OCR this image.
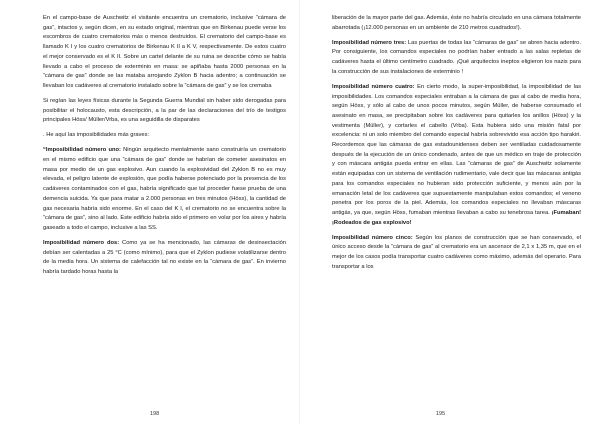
En el campo-base de Auschwitz el visitante encuentra un crematorio, inclusive “cámara de gas”, intactos y, según dicen, en su estado original, mientras que en Birkenau puede verse los escombros de cuatro crematorios más o menos destruidos. El crematorio del campo-base es llamado K I y los cuatro crematorios de Birkenau K II a K V, respectivamente. De estos cuatro el mejor conservado es el K II. Sobre un cartel delante de su ruina se describe cómo se había llevado a cabo el proceso de exterminio en masa: se apiñaba hasta 2000 personas en la “cámara de gas” donde se las mataba arrojando Zyklon B hacia adentro; a continuación se llevaban los cadáveres al crematorio instalado sobre la “cámara de gas” y se los cremaba

Si regían las leyes físicas durante la Segunda Guerra Mundial sin haber sido derogadas para posibilitar el holocausto, esta descripción, a la par de las declaraciones del trío de testigos principales Höss/ Müller/Vrba, es una seguidilla de disparates

. He aquí las imposibilidades más graves:

“Imposibilidad número uno: Ningún arquitecto mentalmente sano construiría un crematorio en el mismo edificio que una “cámara de gas” donde se habrían de cometer asesinatos en masa por medio de un gas explosivo. Aun cuando la explosividad del Zyklon B no es muy elevada, el peligro latente de explosión, que podía haberse potenciado por la presencia de los cadáveres contaminados con el gas, habría significado que tal proceder fuese prueba de una demencia suicida. Ya que para matar a 2.000 personas en tres minutos (Höss), la cantidad de gas necesaria habría sido enorme. En el caso del K I, el crematorio no se encuentra sobre la “cámara de gas”, sino al lado. Este edificio habría sido el primero en volar por los aires y habría gaseado a todo el campo, inclusive a las SS.

Imposibilidad número dos: Como ya se ha mencionado, las cámaras de desinsectación debían ser calentadas a 25 °C (como mínimo), para que el Zyklon pudiese volatilizarse dentro de la media hora. Un sistema de calefacción tal no existe en la “cámara de gas”. En invierno habría tardado horas hasta la

198

liberación de la mayor parte del gas. Además, éste no habría circulado en una cámara totalmente abarrotada (¡12.000 personas en un ambiente de 210 metros cuadrados!).

Imposibilidad número tres: Las puertas de todas las “cámaras de gas” se abren hacia adentro. Por consiguiente, los comandos especiales no podrían haber entrado a las salas repletas de cadáveres hasta el último centímetro cuadrado. ¡Qué arquitectos ineptos eligieron los nazis para la construcción de sus instalaciones de exterminio !

Imposibilidad número cuatro: En cierto modo, la super-imposibilidad, la imposibilidad de las imposibilidades. Los comandos especiales entraban a la cámara de gas al cabo de media hora, según Höss, y sólo al cabo de unos pocos minutos, según Müller, de haberse consumado el asesinato en masa, se precipitaban sobre los cadáveres para quitarles los anillos (Höss) y la vestimenta (Müller), y cortarles el cabello (Vrba). Esta hubiera sido una misión fatal por excelencia: ni un solo miembro del comando especial habría sobrevivido esa acción tipo harakiri. Recordemos que las cámaras de gas estadounidenses deben ser ventiladas cuidadosamente después de la ejecución de un único condenado, antes de que un médico en traje de protección y con máscara antigás pueda entrar en ellas. Las “cámaras de gas” de Auschwitz solamente están equipadas con un sistema de ventilación rudimentario, vale decir que las máscaras antigás para los comandos especiales no hubieran sido protección suficiente, y menos aún por la emanación letal de los cadáveres que supuestamente manipulaban estos comandos; el veneno penetra por los poros de la piel. Además, los comandos especiales no llevaban máscaras antigás, ya que, según Höss, fumaban mientras llevaban a cabo su tenebrosa tarea. ¡Fumaban! ¡Rodeados de gas explosivo!

Imposibilidad número cinco: Según los planos de construcción que se han conservado, el único acceso desde la “cámara de gas” al crematorio era un ascensor de 2,1 x 1,35 m, que en el mejor de los casos podía transportar cuatro cadáveres como máximo, además del operario. Para transportar a los

195
